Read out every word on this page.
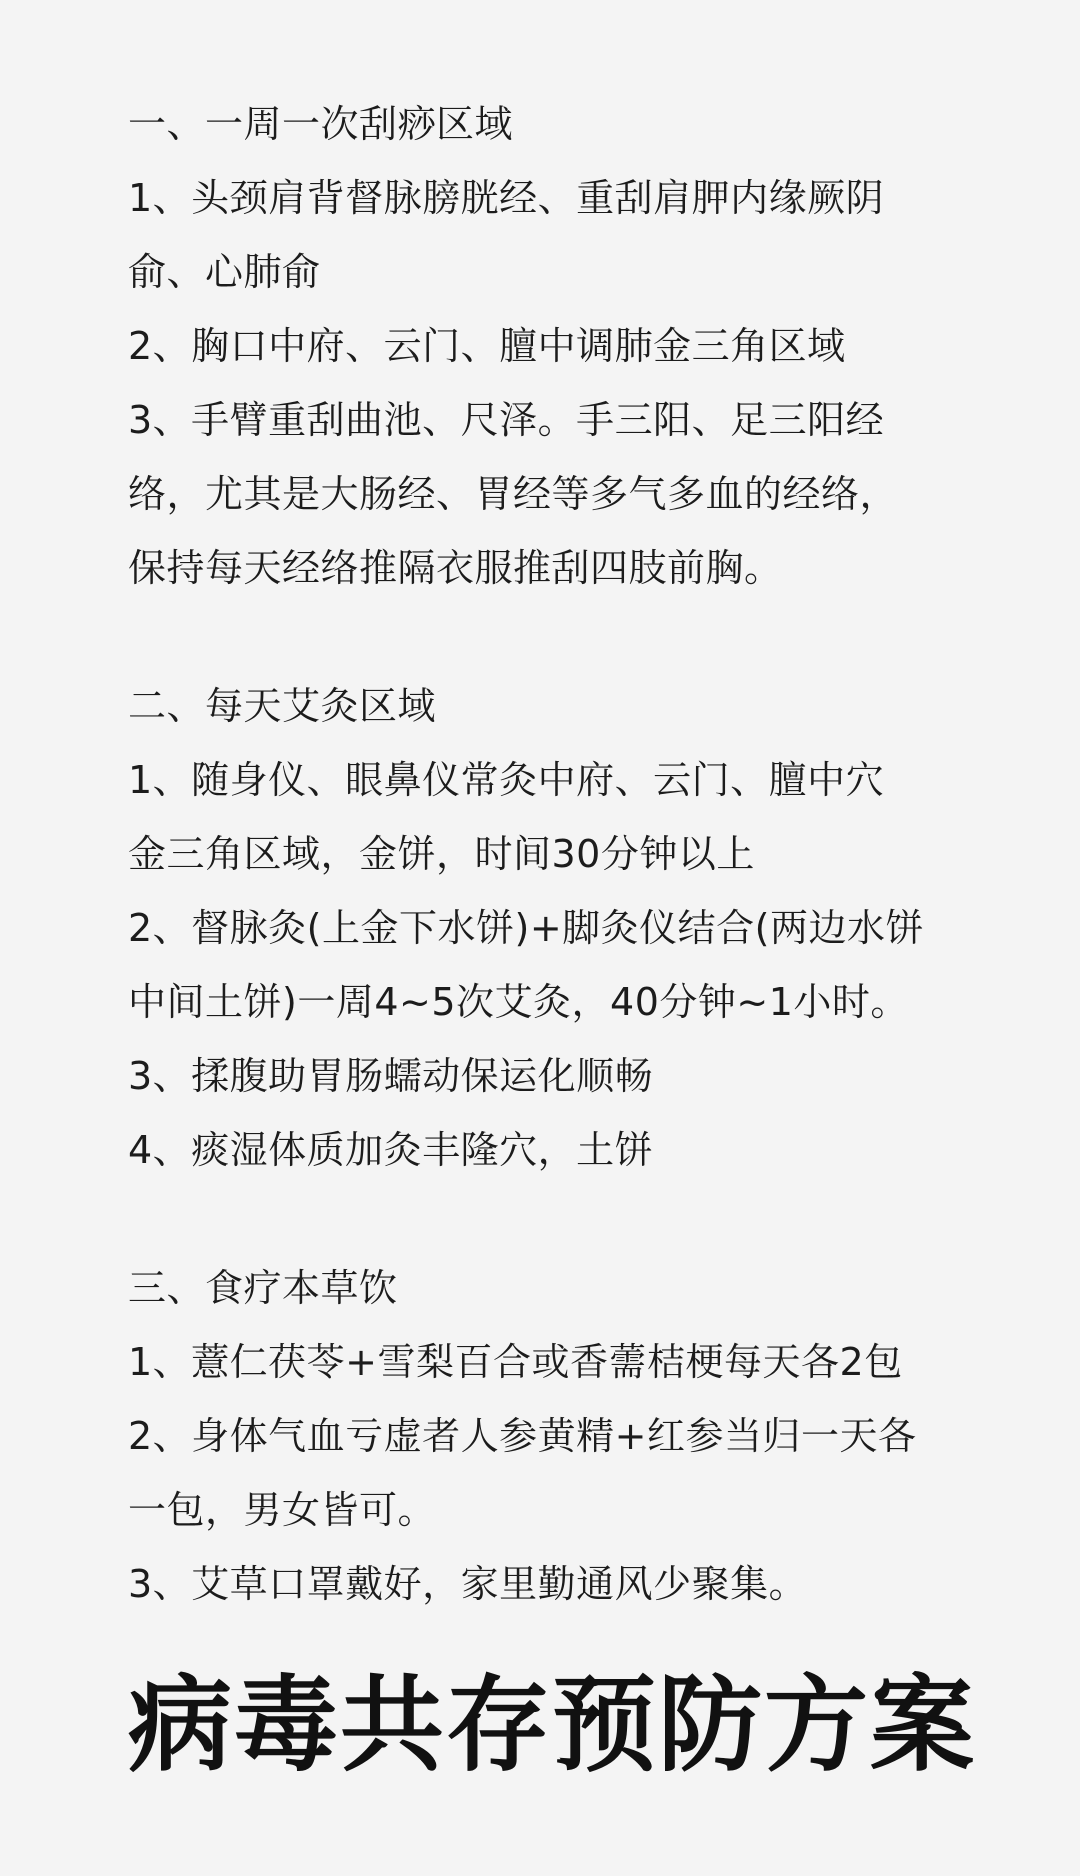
一、一周一次刮痧区域
1、头颈肩背督脉膀胱经、重刮肩胛内缘厥阴
俞、心肺俞
2、胸口中府、云门、膻中调肺金三角区域
3、手臂重刮曲池、尺泽。手三阳、足三阳经
络，尤其是大肠经、胃经等多气多血的经络，
保持每天经络推隔衣服推刮四肢前胸。
二、每天艾灸区域
1、随身仪、眼鼻仪常灸中府、云门、膻中穴
金三角区域，金饼，时间30分钟以上
2、督脉灸(上金下水饼)+脚灸仪结合(两边水饼
中间土饼)一周4~5次艾灸，40分钟~1小时。
3、揉腹助胃肠蠕动保运化顺畅
4、痰湿体质加灸丰隆穴，土饼
三、食疗本草饮
1、薏仁茯苓+雪梨百合或香薷桔梗每天各2包
2、身体气血亏虚者人参黄精+红参当归一天各
一包，男女皆可。
3、艾草口罩戴好，家里勤通风少聚集。
病毒共存预防方案
